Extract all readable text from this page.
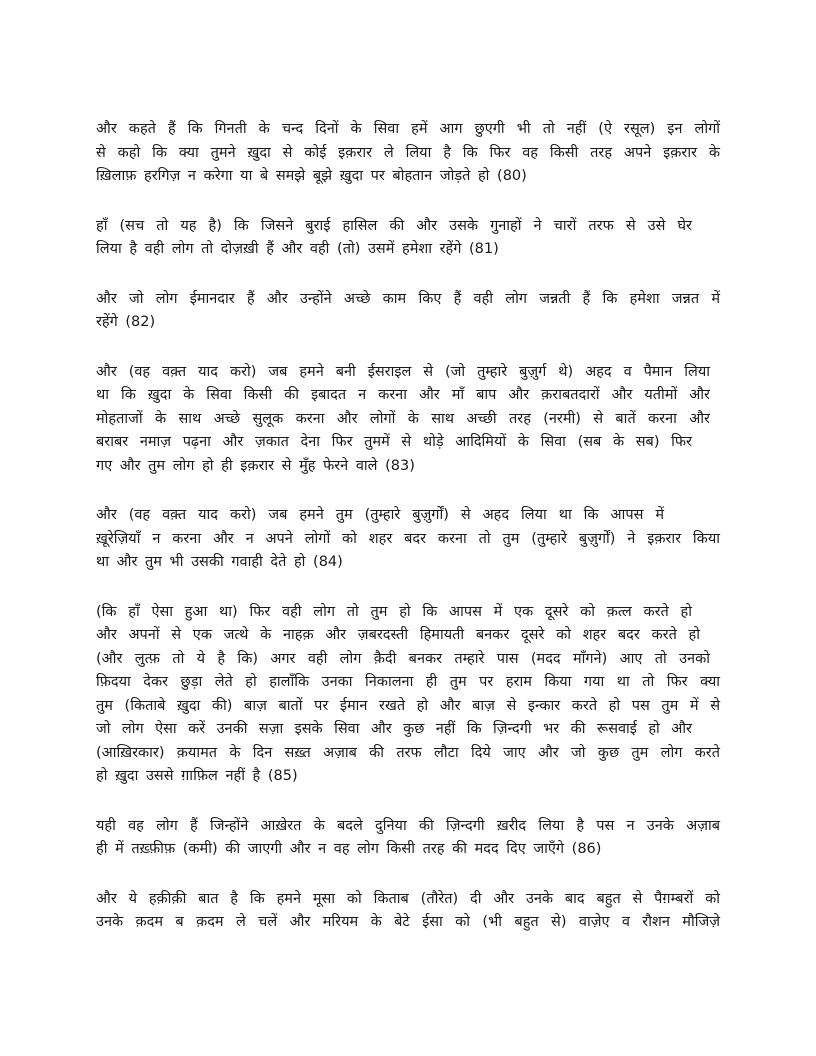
और कहते हैं कि गिनती के चन्द दिनों के सिवा हमें आग छुएगी भी तो नहीं (ऐ रसूल) इन लोगों
से कहो कि क्या तुमने ख़ुदा से कोई इक़रार ले लिया है कि फिर वह किसी तरह अपने इक़रार के
ख़िलाफ़ हरगिज़ न करेगा या बे समझे बूझे ख़ुदा पर बोहतान जोड़ते हो (80)

हाँ (सच तो यह है) कि जिसने बुराई हासिल की और उसके गुनाहों ने चारों तरफ से उसे घेर
लिया है वही लोग तो दोज़ख़ी हैं और वही (तो) उसमें हमेशा रहेंगे (81)

और जो लोग ईमानदार हैं और उन्होंने अच्छे काम किए हैं वही लोग जन्नती हैं कि हमेशा जन्नत में
रहेंगे (82)

और (वह वक़्त याद करो) जब हमने बनी ईसराइल से (जो तुम्हारे बुज़ुर्ग थे) अहद व पैमान लिया
था कि ख़ुदा के सिवा किसी की इबादत न करना और माँ बाप और क़राबतदारों और यतीमों और
मोहताजों के साथ अच्छे सुलूक करना और लोगों के साथ अच्छी तरह (नरमी) से बातें करना और
बराबर नमाज़ पढ़ना और ज़कात देना फिर तुममें से थोड़े आदिमियों के सिवा (सब के सब) फिर
गए और तुम लोग हो ही इक़रार से मुँह फेरने वाले (83)

और (वह वक़्त याद करो) जब हमने तुम (तुम्हारे बुज़ुर्गों) से अहद लिया था कि आपस में
ख़ूरेज़ियाँ न करना और न अपने लोगों को शहर बदर करना तो तुम (तुम्हारे बुज़ुर्गों) ने इक़रार किया
था और तुम भी उसकी गवाही देते हो (84)

(कि हाँ ऐसा हुआ था) फिर वही लोग तो तुम हो कि आपस में एक दूसरे को क़त्ल करते हो
और अपनों से एक जत्थे के नाहक़ और ज़बरदस्ती हिमायती बनकर दूसरे को शहर बदर करते हो
(और लुत्फ़ तो ये है कि) अगर वही लोग क़ैदी बनकर तम्हारे पास (मदद माँगने) आए तो उनको
फ़िदया देकर छुड़ा लेते हो हालाँकि उनका निकालना ही तुम पर हराम किया गया था तो फिर क्या
तुम (किताबे ख़ुदा की) बाज़ बातों पर ईमान रखते हो और बाज़ से इन्कार करते हो पस तुम में से
जो लोग ऐसा करें उनकी सज़ा इसके सिवा और कुछ नहीं कि ज़िन्दगी भर की रूसवाई हो और
(आख़िरकार) क़यामत के दिन सख़्त अज़ाब की तरफ लौटा दिये जाए और जो कुछ तुम लोग करते
हो ख़ुदा उससे ग़ाफ़िल नहीं है (85)

यही वह लोग हैं जिन्होंने आख़ेरत के बदले दुनिया की ज़िन्दगी ख़रीद लिया है पस न उनके अज़ाब
ही में तख़्फ़ीफ़ (कमी) की जाएगी और न वह लोग किसी तरह की मदद दिए जाएँगे (86)

और ये हक़ीक़ी बात है कि हमने मूसा को किताब (तौरेत) दी और उनके बाद बहुत से पैग़म्बरों को
उनके क़दम ब क़दम ले चलें और मरियम के बेटे ईसा को (भी बहुत से) वाज़ेए व रौशन मौजिज़े
